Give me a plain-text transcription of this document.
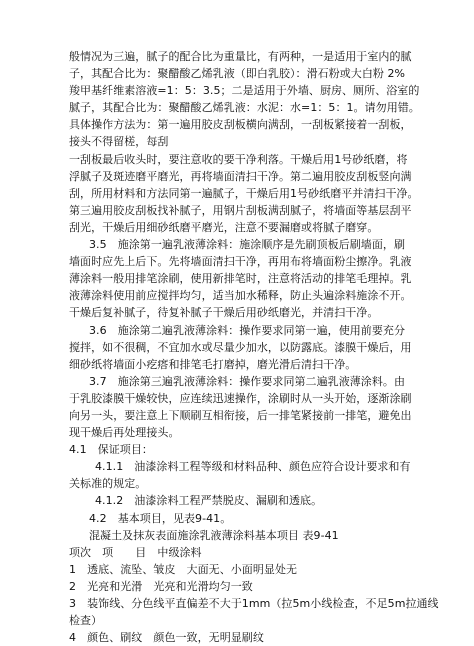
般情况为三遍，腻子的配合比为重量比，有两种，一是适用于室内的腻
子，其配合比为：聚醋酸乙烯乳液（即白乳胶）：滑石粉或大白粉 2%
羧甲基纤维素溶液=1：5：3.5；二是适用于外墙、厨房、厕所、浴室的
腻子，其配合比为：聚醋酸乙烯乳液：水泥：水=1：5：1。请勿用错。
具体操作方法为：第一遍用胶皮刮板横向满刮，一刮板紧接着一刮板，
接头不得留槎，每刮
一刮板最后收头时，要注意收的要干净利落。干燥后用1号砂纸磨，将
浮腻子及斑迹磨平磨光，再将墙面清扫干净。第二遍用胶皮刮板竖向满
刮，所用材料和方法同第一遍腻子，干燥后用1号砂纸磨平并清扫干净。
第三遍用胶皮刮板找补腻子，用钢片刮板满刮腻子，将墙面等基层刮平
刮光，干燥后用细砂纸磨平磨光，注意不要漏磨或将腻子磨穿。
3.5　施涂第一遍乳液薄涂料：施涂顺序是先刷顶板后刷墙面，刷
墙面时应先上后下。先将墙面清扫干净，再用布将墙面粉尘擦净。乳液
薄涂料一般用排笔涂刷，使用新排笔时，注意将活动的排笔毛理掉。乳
液薄涂料使用前应搅拌均匀，适当加水稀释，防止头遍涂料施涂不开。
干燥后复补腻子，待复补腻子干燥后用砂纸磨光，并清扫干净。
3.6　施涂第二遍乳液薄涂料：操作要求同第一遍，使用前要充分
搅拌，如不很稠，不宜加水或尽量少加水，以防露底。漆膜干燥后，用
细砂纸将墙面小疙瘩和排笔毛打磨掉，磨光滑后清扫干净。
3.7　施涂第三遍乳液薄涂料：操作要求同第二遍乳液薄涂料。由
于乳胶漆膜干燥较快，应连续迅速操作，涂刷时从一头开始，逐渐涂刷
向另一头，要注意上下顺刷互相衔接，后一排笔紧接前一排笔，避免出
现干燥后再处理接头。
4.1　保证项目：
4.1.1　油漆涂料工程等级和材料品种、颜色应符合设计要求和有
关标准的规定。
4.1.2　油漆涂料工程严禁脱皮、漏刷和透底。
4.2　基本项目，见表9-41。
混凝土及抹灰表面施涂乳液薄涂料基本项目 表9-41
项次　项　　目　中级涂料
1　透底、流坠、皱皮　大面无、小面明显处无
2　光亮和光滑　光亮和光滑均匀一致
3　装饰线、分色线平直偏差不大于1mm（拉5m小线检查，不足5m拉通线
检查）
4　颜色、刷纹　颜色一致，无明显刷纹
